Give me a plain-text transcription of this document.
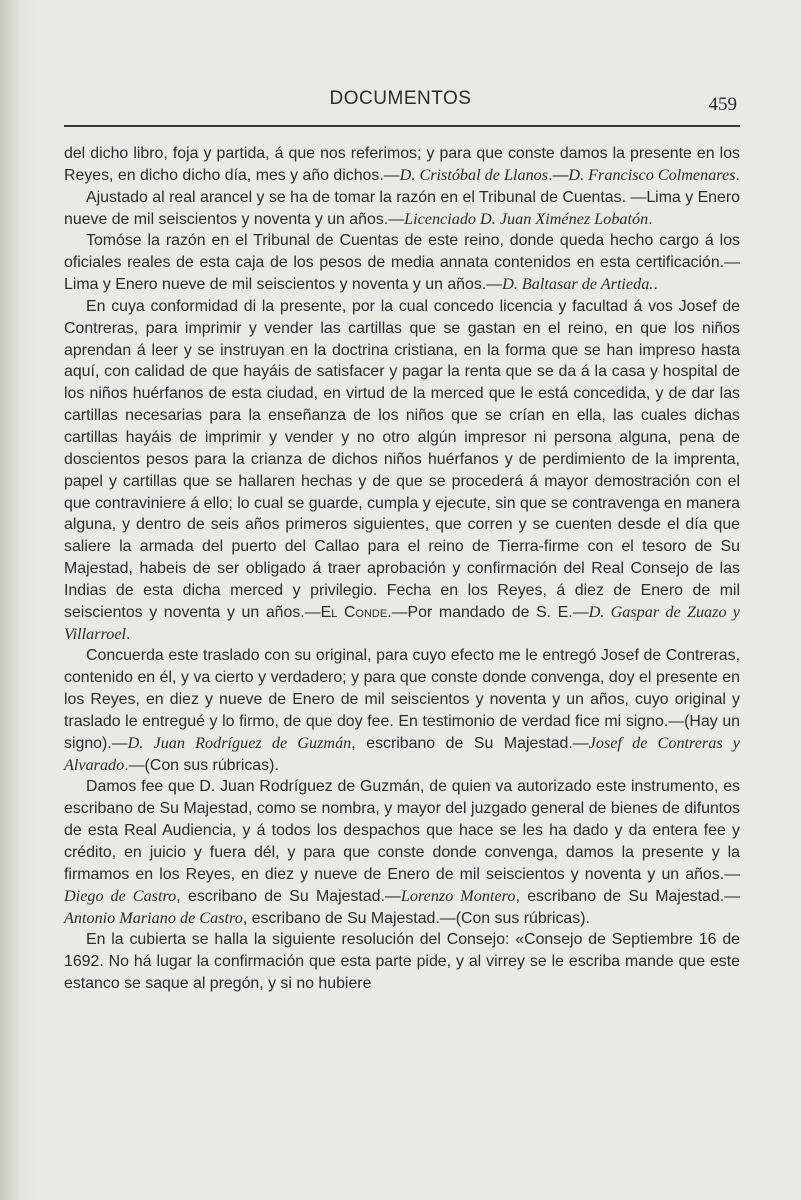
DOCUMENTOS	459

del dicho libro, foja y partida, á que nos referimos; y para que conste damos la presente en los Reyes, en dicho dicho día, mes y año dichos.—D. Cristóbal de Llanos.—D. Francisco Colmenares.

Ajustado al real arancel y se ha de tomar la razón en el Tribunal de Cuentas. —Lima y Enero nueve de mil seiscientos y noventa y un años.—Licenciado D. Juan Ximénez Lobatón.

Tomóse la razón en el Tribunal de Cuentas de este reino, donde queda hecho cargo á los oficiales reales de esta caja de los pesos de media annata contenidos en esta certificación.—Lima y Enero nueve de mil seiscientos y noventa y un años.—D. Baltasar de Artieda..

En cuya conformidad di la presente, por la cual concedo licencia y facultad á vos Josef de Contreras, para imprimir y vender las cartillas que se gastan en el reino, en que los niños aprendan á leer y se instruyan en la doctrina cristiana, en la forma que se han impreso hasta aquí, con calidad de que hayáis de satisfacer y pagar la renta que se da á la casa y hospital de los niños huérfanos de esta ciudad, en virtud de la merced que le está concedida, y de dar las cartillas necesarias para la enseñanza de los niños que se crían en ella, las cuales dichas cartillas hayáis de imprimir y vender y no otro algún impresor ni persona alguna, pena de doscientos pesos para la crianza de dichos niños huérfanos y de perdimiento de la imprenta, papel y cartillas que se hallaren hechas y de que se procederá á mayor demostración con el que contraviniere á ello; lo cual se guarde, cumpla y ejecute, sin que se contravenga en manera alguna, y dentro de seis años primeros siguientes, que corren y se cuenten desde el día que saliere la armada del puerto del Callao para el reino de Tierra-firme con el tesoro de Su Majestad, habeis de ser obligado á traer aprobación y confirmación del Real Consejo de las Indias de esta dicha merced y privilegio. Fecha en los Reyes, á diez de Enero de mil seiscientos y noventa y un años.—El Conde.—Por mandado de S. E.—D. Gaspar de Zuazo y Villarroel.

Concuerda este traslado con su original, para cuyo efecto me le entregó Josef de Contreras, contenido en él, y va cierto y verdadero; y para que conste donde convenga, doy el presente en los Reyes, en diez y nueve de Enero de mil seiscientos y noventa y un años, cuyo original y traslado le entregué y lo firmo, de que doy fee. En testimonio de verdad fice mi signo.—(Hay un signo).—D. Juan Rodríguez de Guzmán, escribano de Su Majestad.—Josef de Contreras y Alvarado.—(Con sus rúbricas).

Damos fee que D. Juan Rodríguez de Guzmán, de quien va autorizado este instrumento, es escribano de Su Majestad, como se nombra, y mayor del juzgado general de bienes de difuntos de esta Real Audiencia, y á todos los despachos que hace se les ha dado y da entera fee y crédito, en juicio y fuera dél, y para que conste donde convenga, damos la presente y la firmamos en los Reyes, en diez y nueve de Enero de mil seiscientos y noventa y un años.—Diego de Castro, escribano de Su Majestad.—Lorenzo Montero, escribano de Su Majestad.—Antonio Mariano de Castro, escribano de Su Majestad.—(Con sus rúbricas).

En la cubierta se halla la siguiente resolución del Consejo: «Consejo de Septiembre 16 de 1692. No há lugar la confirmación que esta parte pide, y al virrey se le escriba mande que este estanco se saque al pregón, y si no hubiere
